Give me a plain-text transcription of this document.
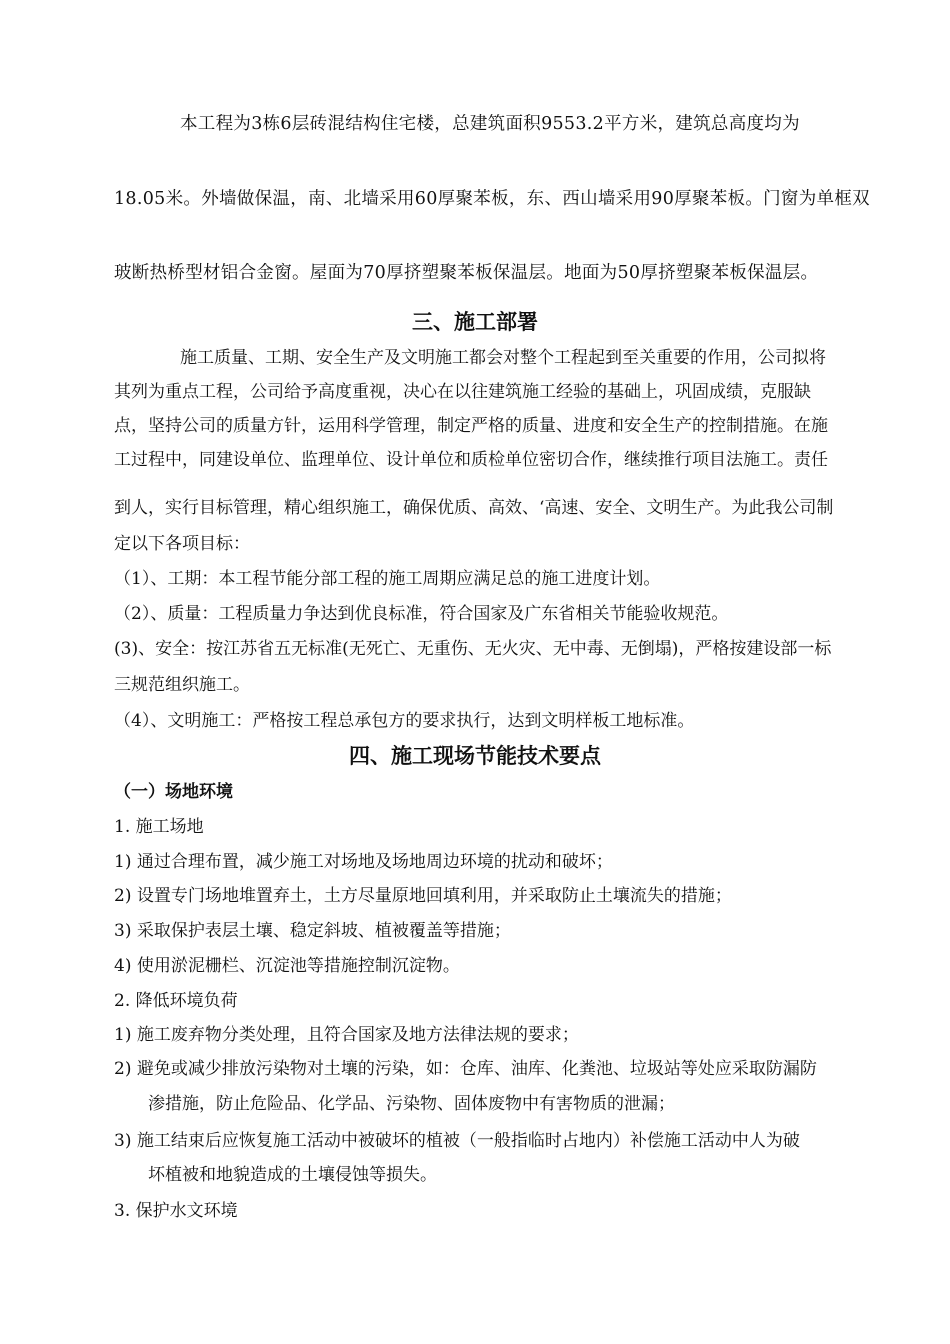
本工程为3栋6层砖混结构住宅楼，总建筑面积9553.2平方米，建筑总高度均为
18.05米。外墙做保温，南、北墙采用60厚聚苯板，东、西山墙采用90厚聚苯板。门窗为单框双
玻断热桥型材铝合金窗。屋面为70厚挤塑聚苯板保温层。地面为50厚挤塑聚苯板保温层。
三、施工部署
施工质量、工期、安全生产及文明施工都会对整个工程起到至关重要的作用，公司拟将
其列为重点工程，公司给予高度重视，决心在以往建筑施工经验的基础上，巩固成绩，克服缺
点，坚持公司的质量方针，运用科学管理，制定严格的质量、进度和安全生产的控制措施。在施
工过程中，同建设单位、监理单位、设计单位和质检单位密切合作，继续推行项目法施工。责任
到人，实行目标管理，精心组织施工，确保优质、高效、‘高速、安全、文明生产。为此我公司制
定以下各项目标：
（1）、工期：本工程节能分部工程的施工周期应满足总的施工进度计划。
（2）、质量：工程质量力争达到优良标准，符合国家及广东省相关节能验收规范。
(3)、安全：按江苏省五无标准(无死亡、无重伤、无火灾、无中毒、无倒塌)，严格按建设部一标
三规范组织施工。
（4）、文明施工：严格按工程总承包方的要求执行，达到文明样板工地标准。
四、施工现场节能技术要点
（一）场地环境
1. 施工场地
1) 通过合理布置，减少施工对场地及场地周边环境的扰动和破坏；
2) 设置专门场地堆置弃土，土方尽量原地回填利用，并采取防止土壤流失的措施；
3) 采取保护表层土壤、稳定斜坡、植被覆盖等措施；
4) 使用淤泥栅栏、沉淀池等措施控制沉淀物。
2. 降低环境负荷
1) 施工废弃物分类处理，且符合国家及地方法律法规的要求；
2) 避免或减少排放污染物对土壤的污染，如：仓库、油库、化粪池、垃圾站等处应采取防漏防
渗措施，防止危险品、化学品、污染物、固体废物中有害物质的泄漏；
3) 施工结束后应恢复施工活动中被破坏的植被（一般指临时占地内）补偿施工活动中人为破
坏植被和地貌造成的土壤侵蚀等损失。
3. 保护水文环境
